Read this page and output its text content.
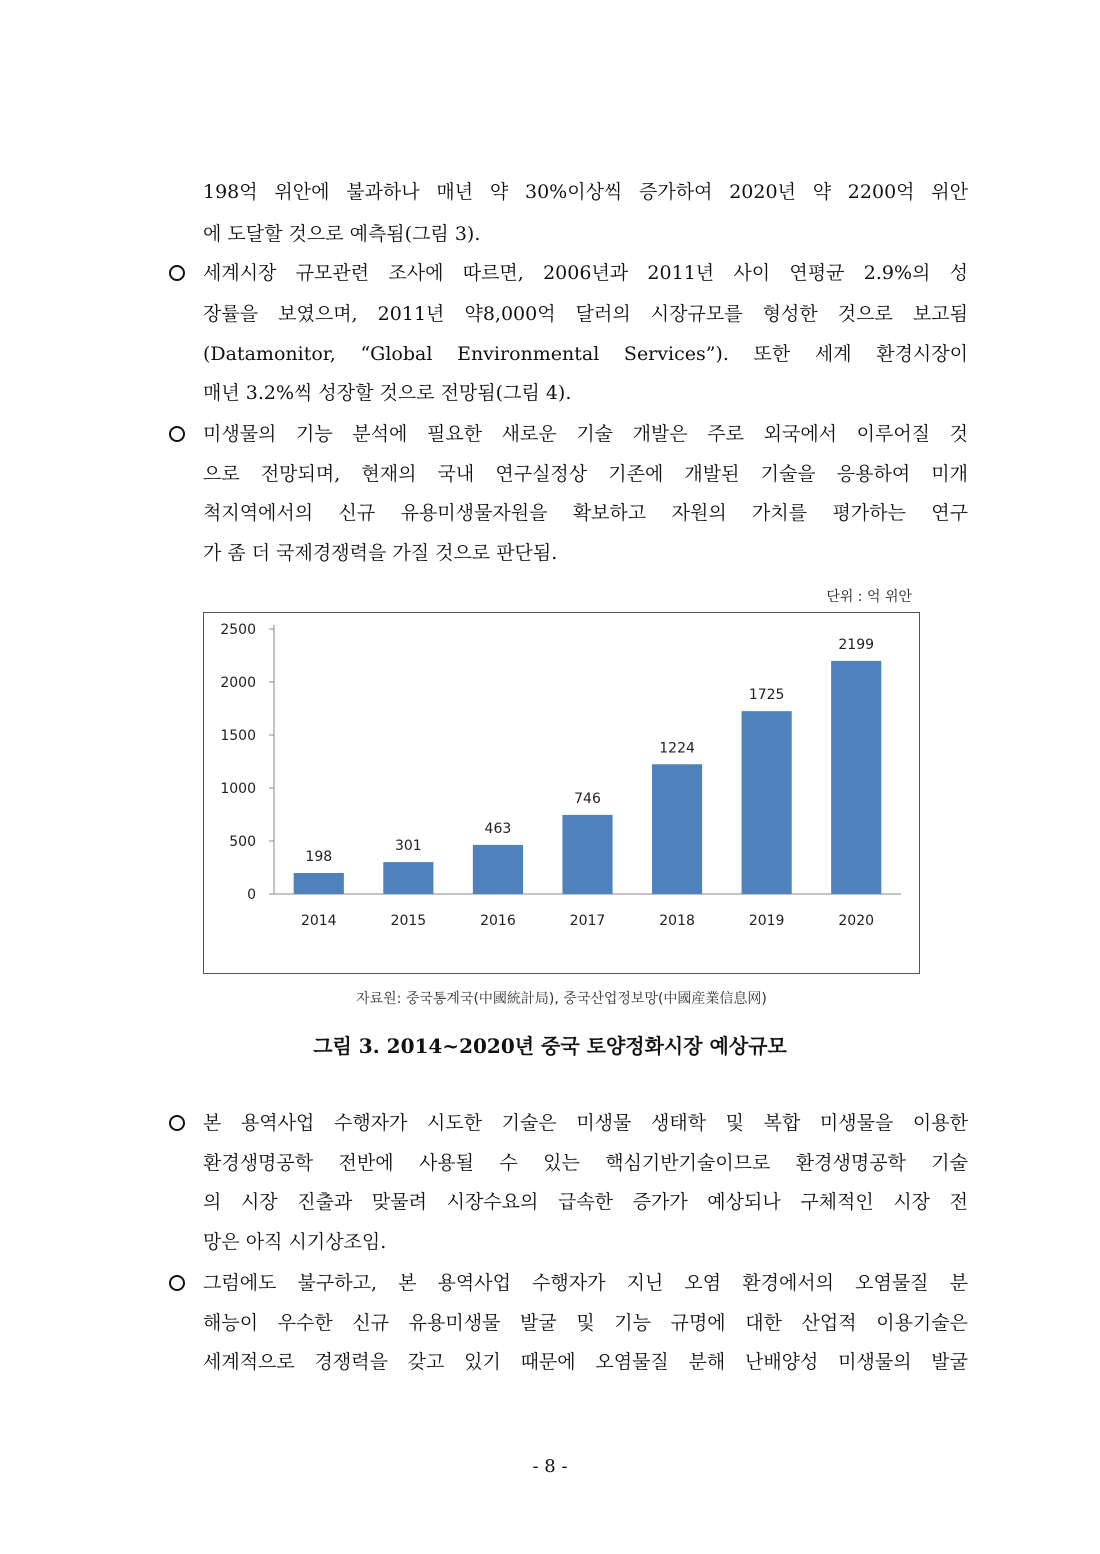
198억 위안에 불과하나 매년 약 30%이상씩 증가하여 2020년 약 2200억 위안
에 도달할 것으로 예측됨(그림 3).
세계시장 규모관련 조사에 따르면, 2006년과 2011년 사이 연평균 2.9%의 성
장률을 보였으며, 2011년 약8,000억 달러의 시장규모를 형성한 것으로 보고됨
(Datamonitor, “Global Environmental Services”). 또한 세계 환경시장이
매년 3.2%씩 성장할 것으로 전망됨(그림 4).
미생물의 기능 분석에 필요한 새로운 기술 개발은 주로 외국에서 이루어질 것
으로 전망되며, 현재의 국내 연구실정상 기존에 개발된 기술을 응용하여 미개
척지역에서의 신규 유용미생물자원을 확보하고 자원의 가치를 평가하는 연구
가 좀 더 국제경쟁력을 가질 것으로 판단됨.
단위 : 억 위안
0
500
1000
1500
2000
2500
198
2014
301
2015
463
2016
746
2017
1224
2018
1725
2019
2199
2020
자료원: 중국통계국(中國統計局), 중국산업정보망(中國産業信息网)
그림 3. 2014~2020년 중국 토양정화시장 예상규모
본 용역사업 수행자가 시도한 기술은 미생물 생태학 및 복합 미생물을 이용한
환경생명공학 전반에 사용될 수 있는 핵심기반기술이므로 환경생명공학 기술
의 시장 진출과 맞물려 시장수요의 급속한 증가가 예상되나 구체적인 시장 전
망은 아직 시기상조임.
그럼에도 불구하고, 본 용역사업 수행자가 지닌 오염 환경에서의 오염물질 분
해능이 우수한 신규 유용미생물 발굴 및 기능 규명에 대한 산업적 이용기술은
세계적으로 경쟁력을 갖고 있기 때문에 오염물질 분해 난배양성 미생물의 발굴
- 8 -
